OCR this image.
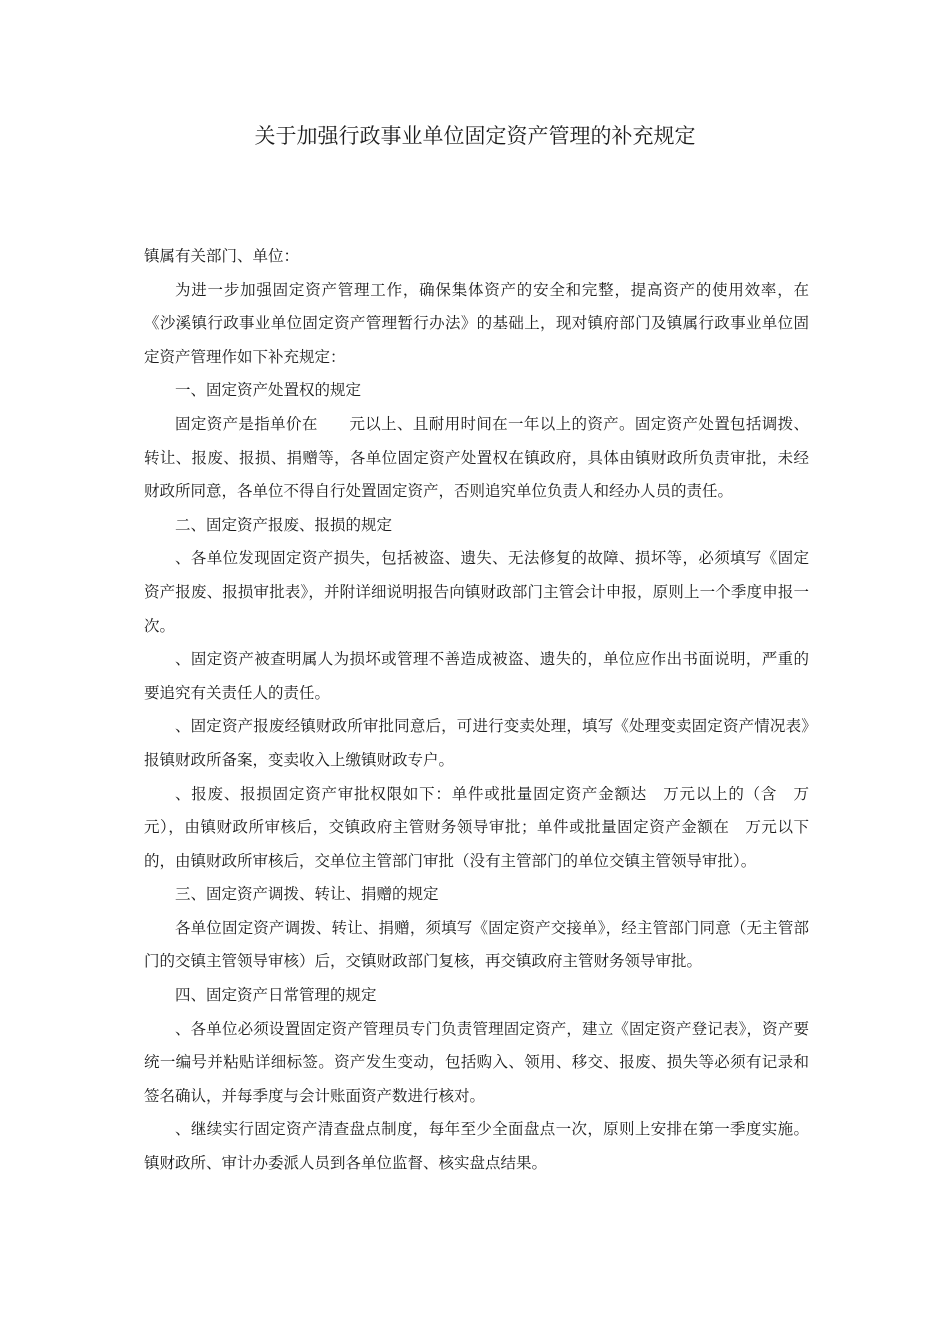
关于加强行政事业单位固定资产管理的补充规定

镇属有关部门、单位：

为进一步加强固定资产管理工作，确保集体资产的安全和完整，提高资产的使用效率，在《沙溪镇行政事业单位固定资产管理暂行办法》的基础上，现对镇府部门及镇属行政事业单位固定资产管理作如下补充规定：

一、固定资产处置权的规定

固定资产是指单价在　　元以上、且耐用时间在一年以上的资产。固定资产处置包括调拨、转让、报废、报损、捐赠等，各单位固定资产处置权在镇政府，具体由镇财政所负责审批，未经财政所同意，各单位不得自行处置固定资产，否则追究单位负责人和经办人员的责任。

二、固定资产报废、报损的规定

、各单位发现固定资产损失，包括被盗、遗失、无法修复的故障、损坏等，必须填写《固定资产报废、报损审批表》，并附详细说明报告向镇财政部门主管会计申报，原则上一个季度申报一次。

、固定资产被查明属人为损坏或管理不善造成被盗、遗失的，单位应作出书面说明，严重的要追究有关责任人的责任。

、固定资产报废经镇财政所审批同意后，可进行变卖处理，填写《处理变卖固定资产情况表》报镇财政所备案，变卖收入上缴镇财政专户。

、报废、报损固定资产审批权限如下：单件或批量固定资产金额达　万元以上的（含　万元），由镇财政所审核后，交镇政府主管财务领导审批；单件或批量固定资产金额在　万元以下的，由镇财政所审核后，交单位主管部门审批（没有主管部门的单位交镇主管领导审批）。

三、固定资产调拨、转让、捐赠的规定

各单位固定资产调拨、转让、捐赠，须填写《固定资产交接单》，经主管部门同意（无主管部门的交镇主管领导审核）后，交镇财政部门复核，再交镇政府主管财务领导审批。

四、固定资产日常管理的规定

、各单位必须设置固定资产管理员专门负责管理固定资产，建立《固定资产登记表》，资产要统一编号并粘贴详细标签。资产发生变动，包括购入、领用、移交、报废、损失等必须有记录和签名确认，并每季度与会计账面资产数进行核对。

、继续实行固定资产清查盘点制度，每年至少全面盘点一次，原则上安排在第一季度实施。镇财政所、审计办委派人员到各单位监督、核实盘点结果。
